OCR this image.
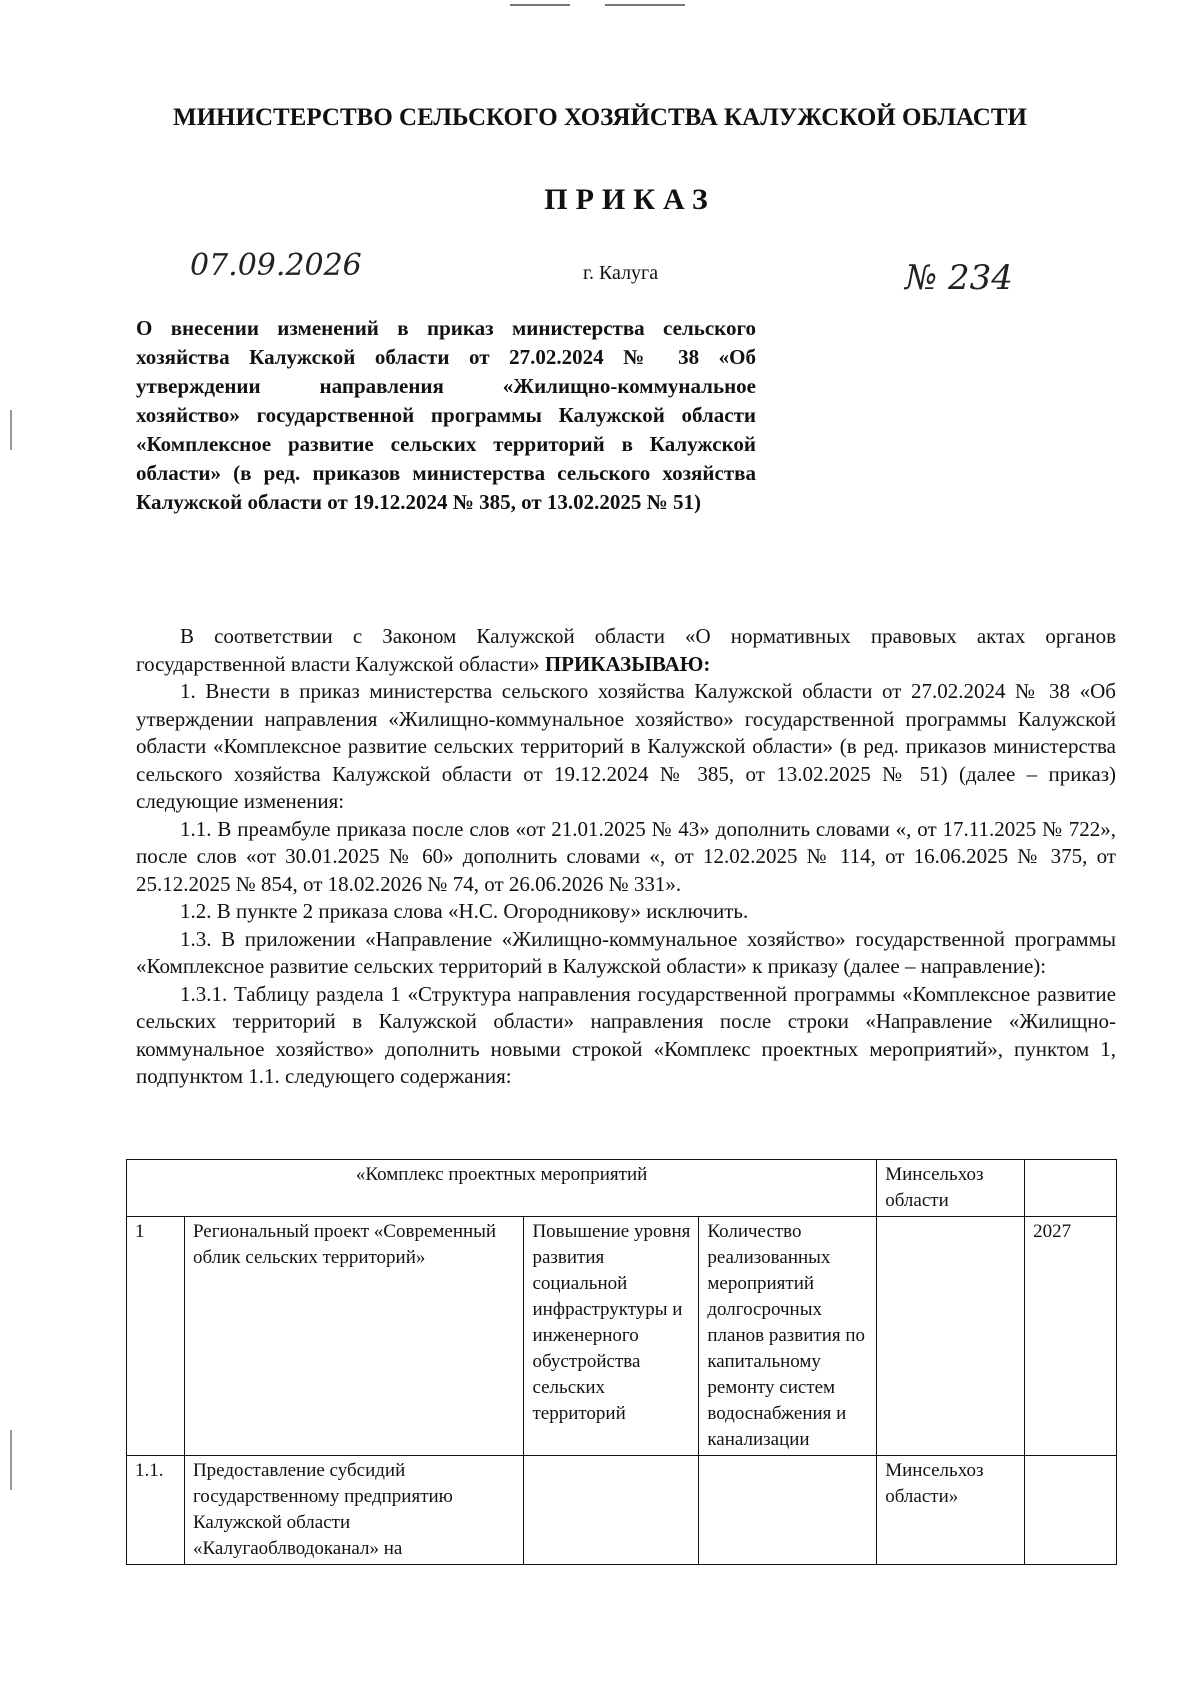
МИНИСТЕРСТВО СЕЛЬСКОГО ХОЗЯЙСТВА КАЛУЖСКОЙ ОБЛАСТИ
ПРИКАЗ
07.09.2026	г. Калуга	№ 234
О внесении изменений в приказ министерства сельского хозяйства Калужской области от 27.02.2024 № 38 «Об утверждении направления «Жилищно-коммунальное хозяйство» государственной программы Калужской области «Комплексное развитие сельских территорий в Калужской области» (в ред. приказов министерства сельского хозяйства Калужской области от 19.12.2024 № 385, от 13.02.2025 № 51)

В соответствии с Законом Калужской области «О нормативных правовых актах органов государственной власти Калужской области» ПРИКАЗЫВАЮ:

1. Внести в приказ министерства сельского хозяйства Калужской области от 27.02.2024 № 38 «Об утверждении направления «Жилищно-коммунальное хозяйство» государственной программы Калужской области «Комплексное развитие сельских территорий в Калужской области» (в ред. приказов министерства сельского хозяйства Калужской области от 19.12.2024 № 385, от 13.02.2025 № 51) (далее – приказ) следующие изменения:

1.1. В преамбуле приказа после слов «от 21.01.2025 № 43» дополнить словами «, от 17.11.2025 № 722», после слов «от 30.01.2025 № 60» дополнить словами «, от 12.02.2025 № 114, от 16.06.2025 № 375, от 25.12.2025 № 854, от 18.02.2026 № 74, от 26.06.2026 № 331».

1.2. В пункте 2 приказа слова «Н.С. Огородникову» исключить.

1.3. В приложении «Направление «Жилищно-коммунальное хозяйство» государственной программы «Комплексное развитие сельских территорий в Калужской области» к приказу (далее – направление):

1.3.1. Таблицу раздела 1 «Структура направления государственной программы «Комплексное развитие сельских территорий в Калужской области» направления после строки «Направление «Жилищно-коммунальное хозяйство» дополнить новыми строкой «Комплекс проектных мероприятий», пунктом 1, подпунктом 1.1. следующего содержания:

«Комплекс проектных мероприятий				Минсельхоз области	
1	Региональный проект «Современный облик сельских территорий»	Повышение уровня развития социальной инфраструктуры и инженерного обустройства сельских территорий	Количество реализованных мероприятий долгосрочных планов развития по капитальному ремонту систем водоснабжения и канализации		2027
1.1.	Предоставление субсидий государственному предприятию Калужской области «Калугаоблводоканал» на			Минсельхоз области»	
